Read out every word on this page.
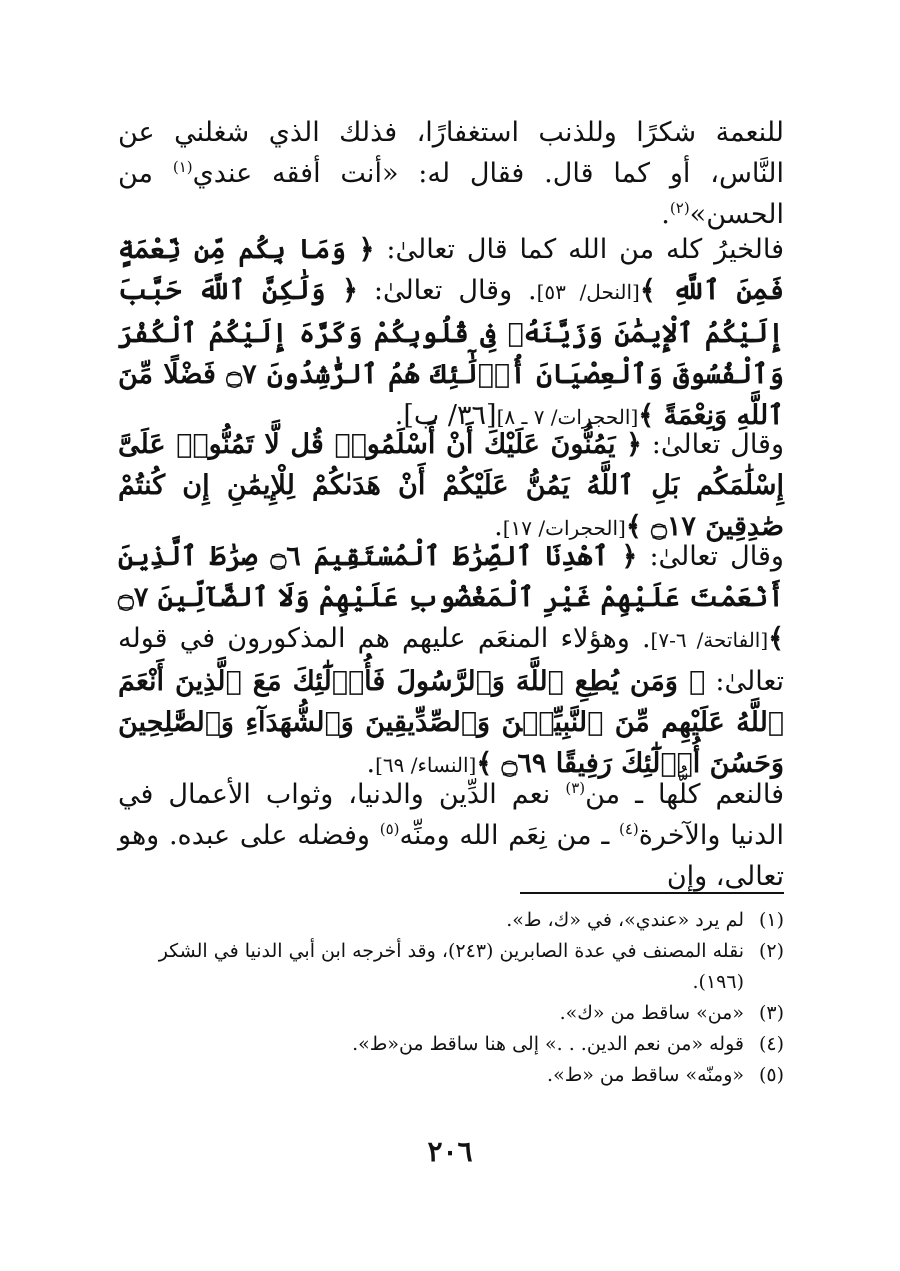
للنعمة شكرًا وللذنب استغفارًا، فذلك الذي شغلني عن النَّاس، أو كما قال. فقال له: «أنت أفقه عندي$^{(١)}$ من الحسن»$^{(٢)}$.

فالخيرُ كله من الله كما قال تعالىٰ: ﴿ وَمَا بِكُم مِّن نِّعْمَةٍ فَمِنَ ٱللَّهِ ﴾[النحل/ ٥٣]. وقال تعالىٰ: ﴿ وَلَٰكِنَّ ٱللَّهَ حَبَّبَ إِلَيْكُمُ ٱلْإِيمَٰنَ وَزَيَّنَهُۥ فِى قُلُوبِكُمْ وَكَرَّهَ إِلَيْكُمُ ٱلْكُفْرَ وَٱلْفُسُوقَ وَٱلْعِصْيَانَ أُو۟لَٰٓئِكَ هُمُ ٱلرَّٰشِدُونَ ۝٧ فَضْلًا مِّنَ ٱللَّهِ وَنِعْمَةً ﴾[الحجرات/ ٧ ـ ٨][٣٦/ ب].

وقال تعالىٰ: ﴿ يَمُنُّونَ عَلَيْكَ أَنْ أَسْلَمُوا۟ قُل لَّا تَمُنُّوا۟ عَلَىَّ إِسْلَٰمَكُم بَلِ ٱللَّهُ يَمُنُّ عَلَيْكُمْ أَنْ هَدَىٰكُمْ لِلْإِيمَٰنِ إِن كُنتُمْ صَٰدِقِينَ ۝١٧ ﴾[الحجرات/ ١٧].

وقال تعالىٰ: ﴿ ٱهْدِنَا ٱلصِّرَٰطَ ٱلْمُسْتَقِيمَ ۝٦ صِرَٰطَ ٱلَّذِينَ أَنْعَمْتَ عَلَيْهِمْ غَيْرِ ٱلْمَغْضُوبِ عَلَيْهِمْ وَلَا ٱلضَّآلِّينَ ۝٧ ﴾[الفاتحة/ ٦-٧]. وهؤلاء المنعَم عليهم هم المذكورون في قوله تعالىٰ: ﴿ وَمَن يُطِعِ ٱللَّهَ وَٱلرَّسُولَ فَأُو۟لَٰٓئِكَ مَعَ ٱلَّذِينَ أَنْعَمَ ٱللَّهُ عَلَيْهِم مِّنَ ٱلنَّبِيِّـۧنَ وَٱلصِّدِّيقِينَ وَٱلشُّهَدَآءِ وَٱلصَّٰلِحِينَ وَحَسُنَ أُو۟لَٰٓئِكَ رَفِيقًا ۝٦٩ ﴾[النساء/ ٦٩].

فالنعم كلُّها ـ من$^{(٣)}$ نعم الدِّين والدنيا، وثواب الأعمال في الدنيا والآخرة$^{(٤)}$ ـ من نِعَم الله ومنِّه$^{(٥)}$ وفضله على عبده. وهو تعالى، وإن

(١)
لم يرد «عندي»، في «ك، ط».
(٢)
نقله المصنف في عدة الصابرين (٢٤٣)، وقد أخرجه ابن أبي الدنيا في الشكر (١٩٦).
(٣)
«من» ساقط من «ك».
(٤)
قوله «من نعم الدين. . .» إلى هنا ساقط من«ط».
(٥)
«ومنّه» ساقط من «ط».
٢٠٦
